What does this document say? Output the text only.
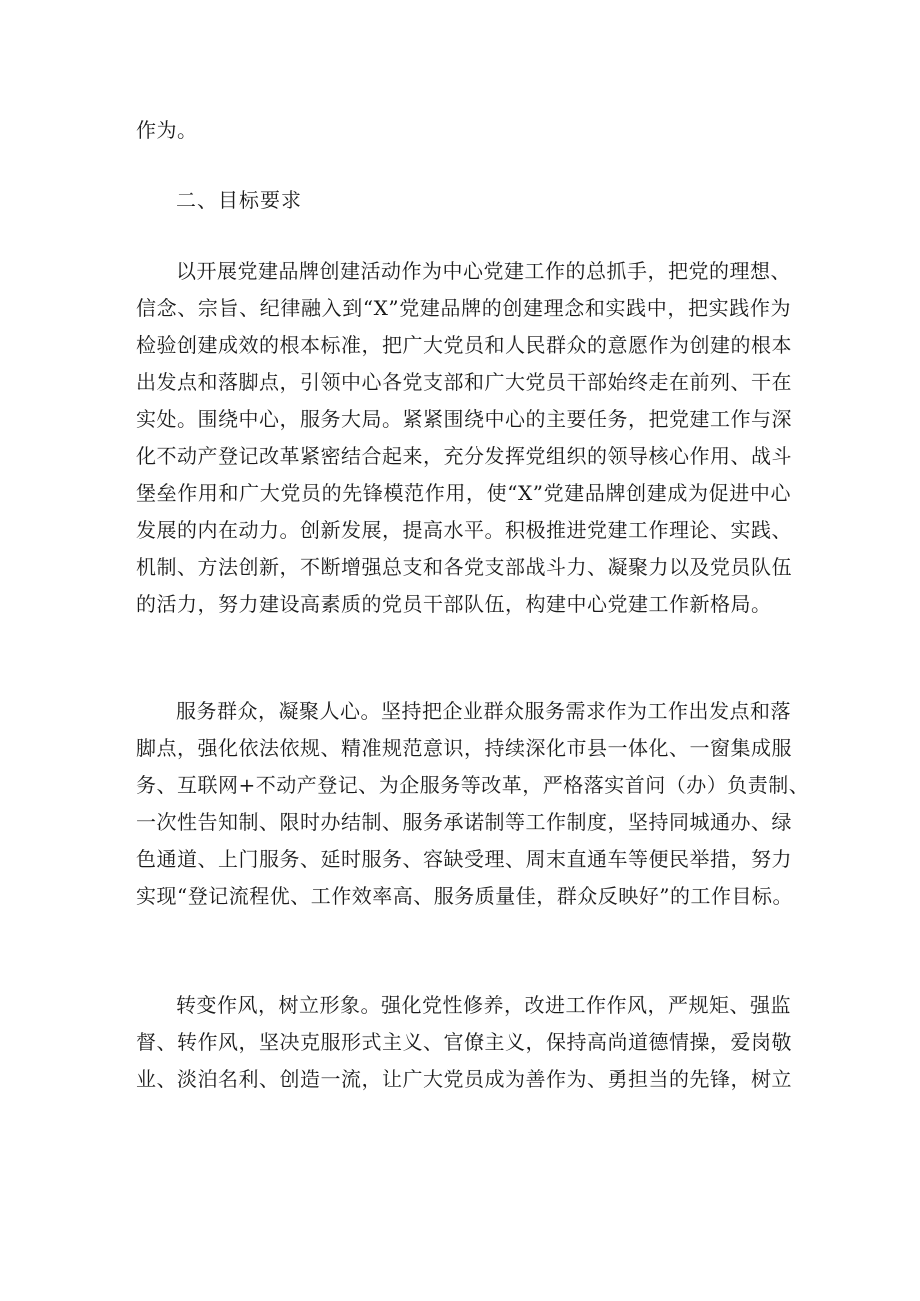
作为。
二、目标要求
以开展党建品牌创建活动作为中心党建工作的总抓手，把党的理想、
信念、宗旨、纪律融入到“X”党建品牌的创建理念和实践中，把实践作为
检验创建成效的根本标准，把广大党员和人民群众的意愿作为创建的根本
出发点和落脚点，引领中心各党支部和广大党员干部始终走在前列、干在
实处。围绕中心，服务大局。紧紧围绕中心的主要任务，把党建工作与深
化不动产登记改革紧密结合起来，充分发挥党组织的领导核心作用、战斗
堡垒作用和广大党员的先锋模范作用，使“X”党建品牌创建成为促进中心
发展的内在动力。创新发展，提高水平。积极推进党建工作理论、实践、
机制、方法创新，不断增强总支和各党支部战斗力、凝聚力以及党员队伍
的活力，努力建设高素质的党员干部队伍，构建中心党建工作新格局。
服务群众，凝聚人心。坚持把企业群众服务需求作为工作出发点和落
脚点，强化依法依规、精准规范意识，持续深化市县一体化、一窗集成服
务、互联网+不动产登记、为企服务等改革，严格落实首问（办）负责制、
一次性告知制、限时办结制、服务承诺制等工作制度，坚持同城通办、绿
色通道、上门服务、延时服务、容缺受理、周末直通车等便民举措，努力
实现“登记流程优、工作效率高、服务质量佳，群众反映好”的工作目标。
转变作风，树立形象。强化党性修养，改进工作作风，严规矩、强监
督、转作风，坚决克服形式主义、官僚主义，保持高尚道德情操，爱岗敬
业、淡泊名利、创造一流，让广大党员成为善作为、勇担当的先锋，树立
